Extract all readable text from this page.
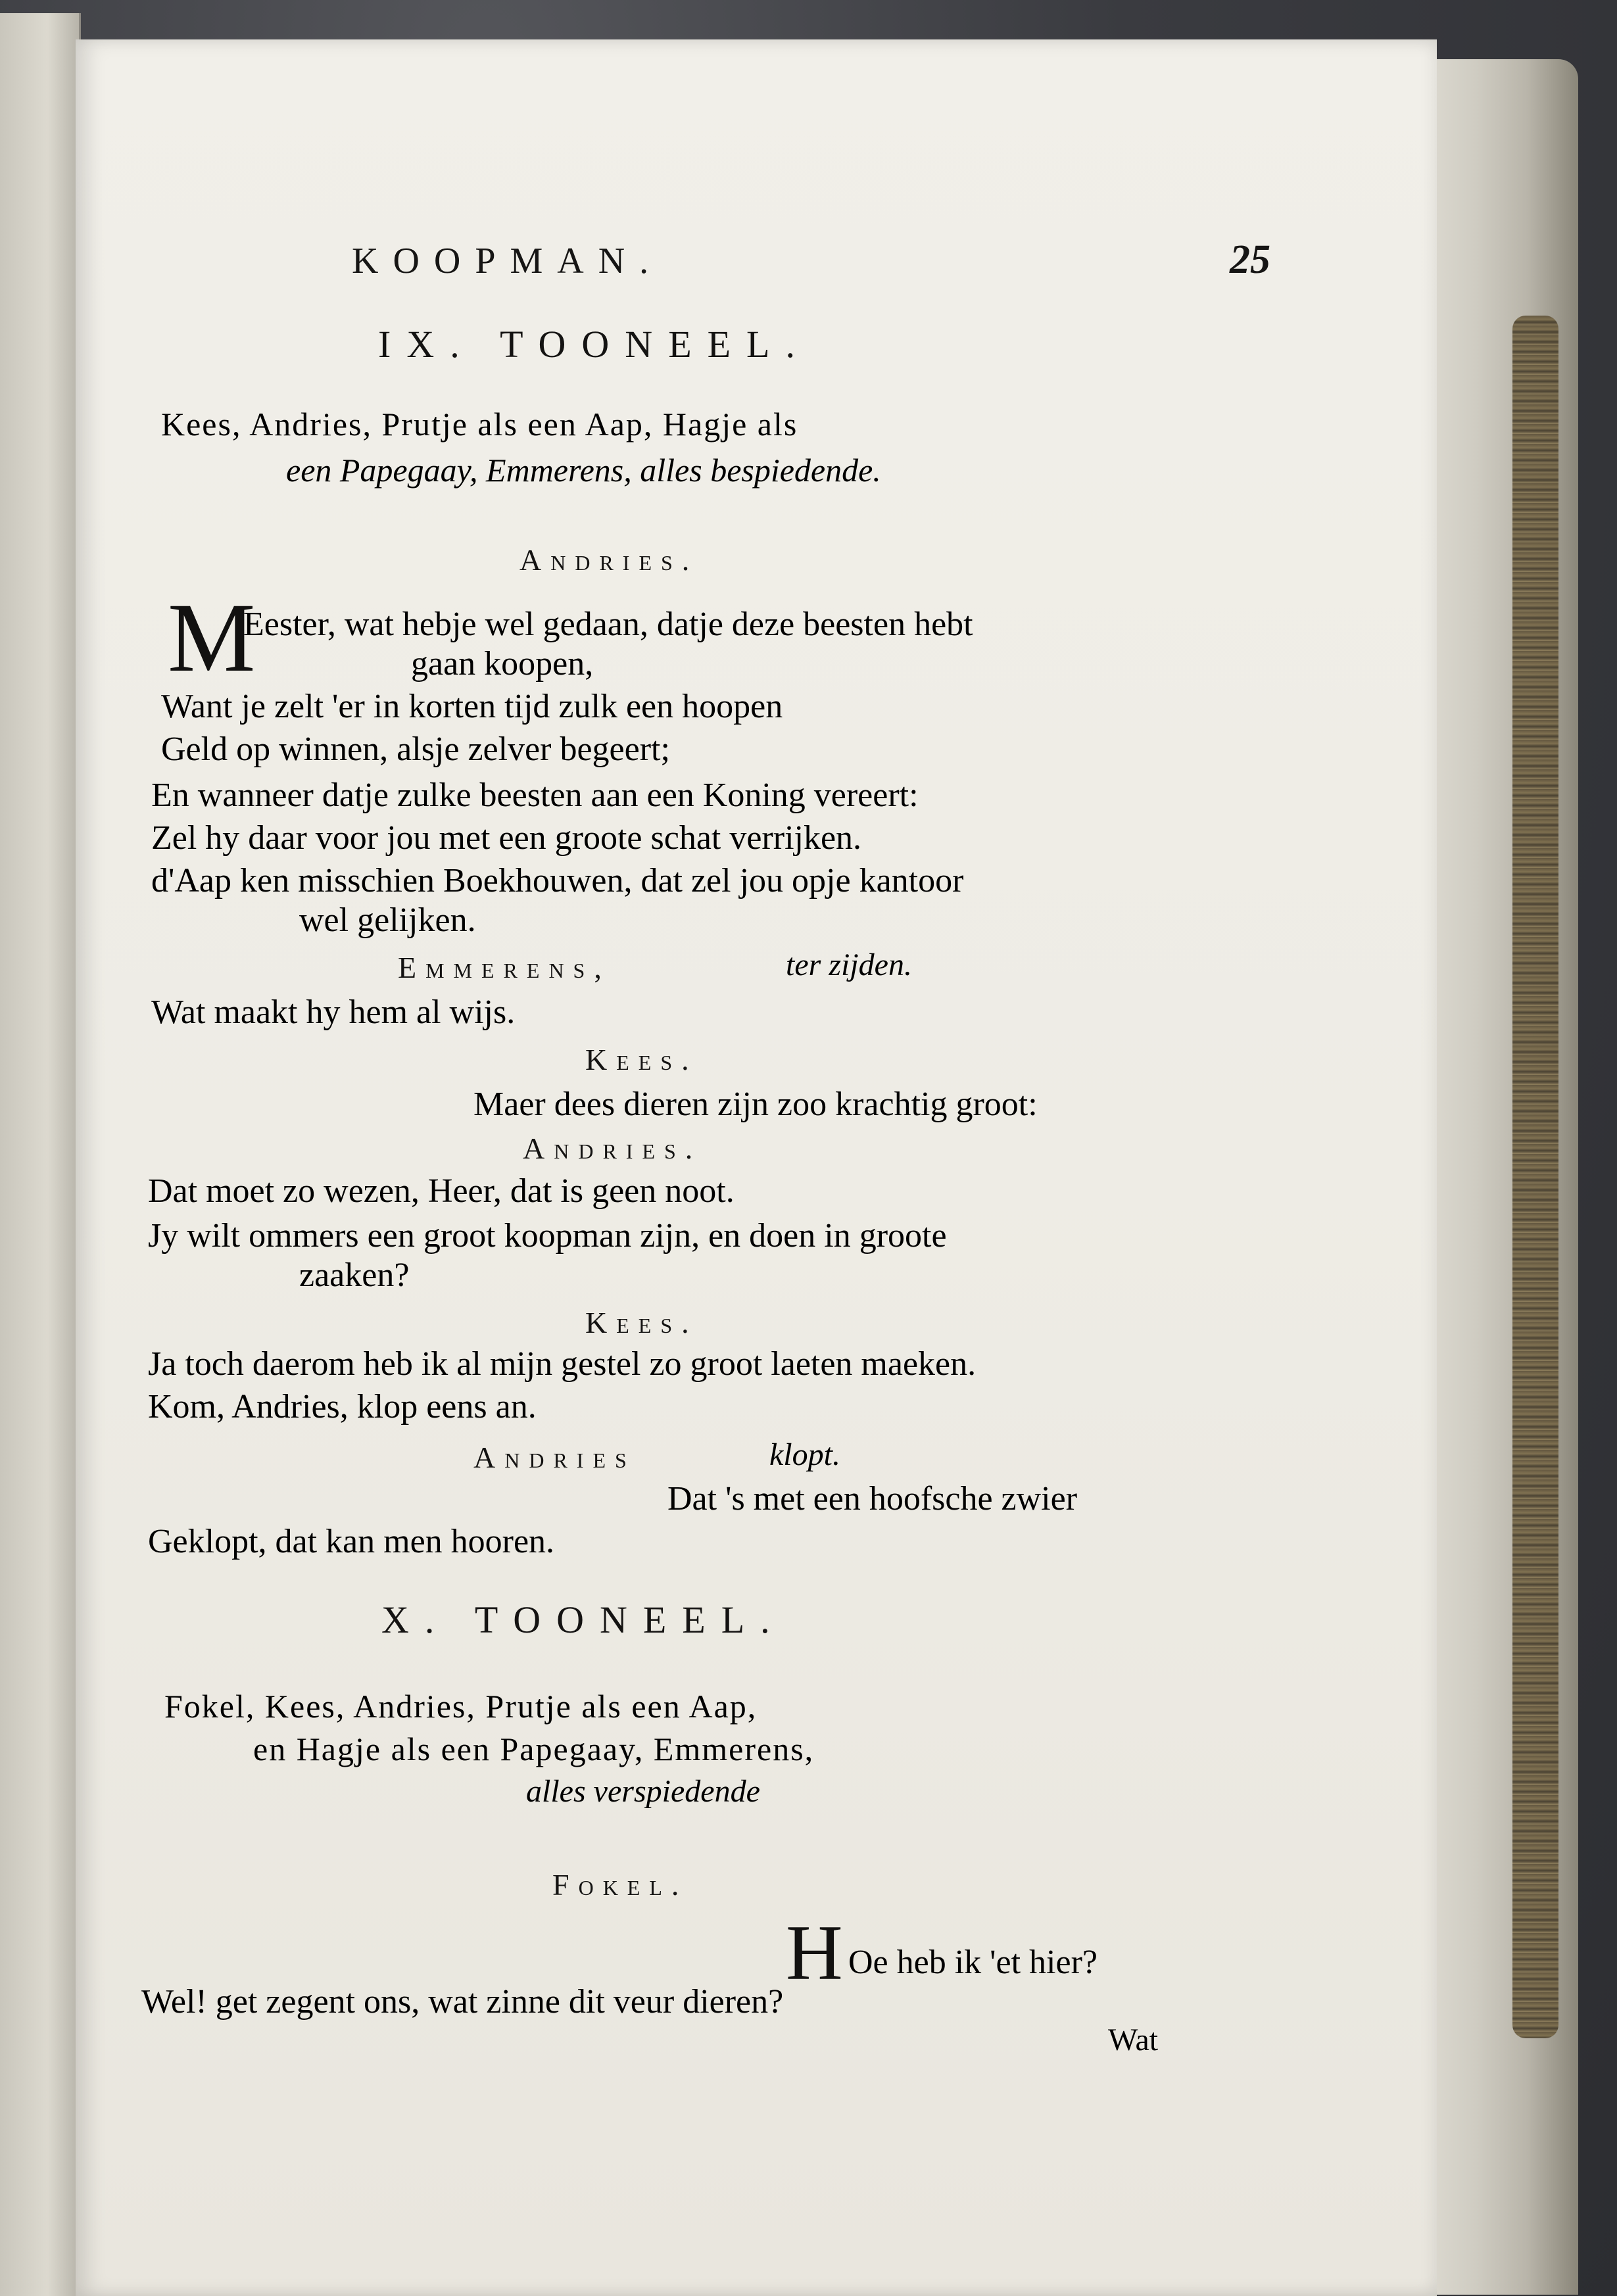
KOOPMAN.	25
IX. TOONEEL.
Kees, Andries, Prutje als een Aap, Hagje als
een Papegaay, Emmerens, alles bespiedende.
Andries.
M
Eester, wat hebje wel gedaan, datje deze beesten hebt
gaan koopen,
Want je zelt 'er in korten tijd zulk een hoopen
Geld op winnen, alsje zelver begeert;
En wanneer datje zulke beesten aan een Koning vereert:
Zel hy daar voor jou met een groote schat verrijken.
d'Aap ken misschien Boekhouwen, dat zel jou opje kantoor
wel gelijken.
Emmerens,	ter zijden.
Wat maakt hy hem al wijs.
Kees.
Maer dees dieren zijn zoo krachtig groot:
Andries.
Dat moet zo wezen, Heer, dat is geen noot.
Jy wilt ommers een groot koopman zijn, en doen in groote
zaaken?
Kees.
Ja toch daerom heb ik al mijn gestel zo groot laeten maeken.
Kom, Andries, klop eens an.
Andries	klopt.
Dat 's met een hoofsche zwier
Geklopt, dat kan men hooren.
X. TOONEEL.
Fokel, Kees, Andries, Prutje als een Aap,
en Hagje als een Papegaay, Emmerens,
alles verspiedende
Fokel.
H Oe heb ik 'et hier?
Wel! get zegent ons, wat zinne dit veur dieren?
Wat
